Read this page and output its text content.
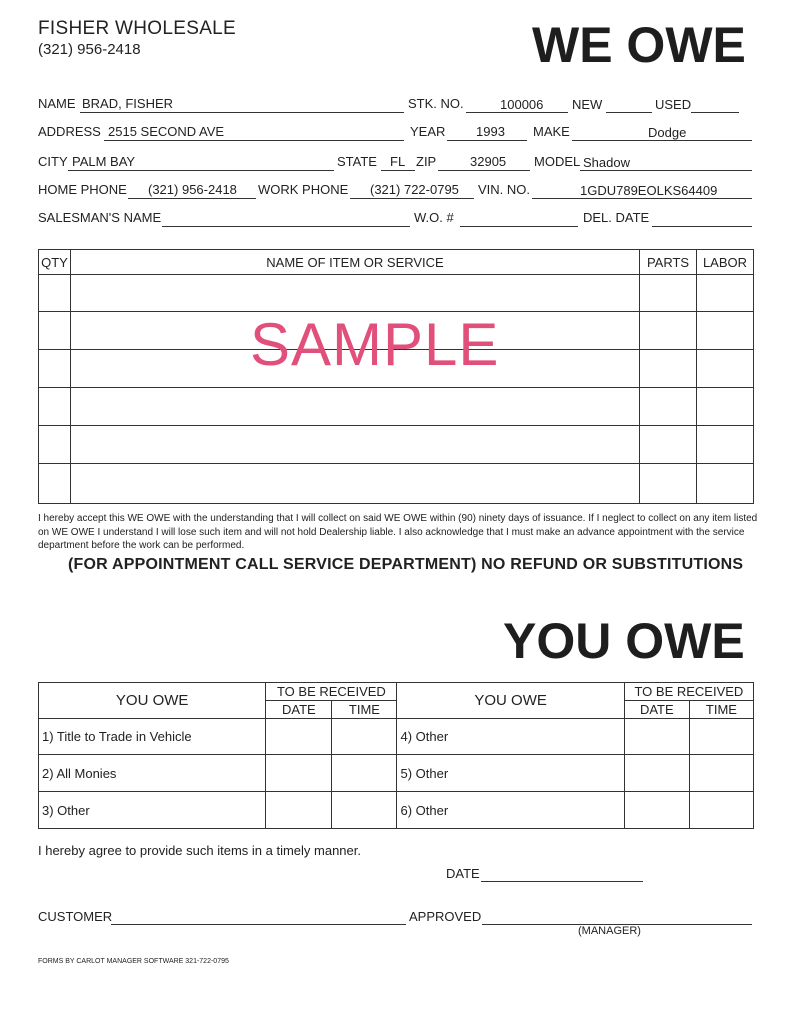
FISHER WHOLESALE
(321) 956-2418	WE OWE
NAME BRAD, FISHER	STK. NO.	100006 NEW	USED
ADDRESS 2515 SECOND AVE	YEAR 1993 MAKE	Dodge
CITY PALM BAY	STATE FL ZIP	32905 MODEL Shadow
HOME PHONE (321) 956-2418 WORK PHONE (321) 722-0795 VIN. NO.	1GDU789EOLKS64409
SALESMAN'S NAME	W.O. #	DEL. DATE
QTY	NAME OF ITEM OR SERVICE	PARTS	LABOR

SAMPLE
I hereby accept this WE OWE with the understanding that I will collect on said WE OWE within (90) ninety days of issuance. If I neglect to collect on any item listed on WE OWE I understand I will lose such item and will not hold Dealership liable. I also acknowledge that I must make an advance appointment with the service department before the work can be performed.
(FOR APPOINTMENT CALL SERVICE DEPARTMENT) NO REFUND OR SUBSTITUTIONS
YOU OWE
YOU OWE	TO BE RECEIVED		YOU OWE	TO BE RECEIVED	
	DATE	TIME		DATE	TIME
1) Title to Trade in Vehicle			4) Other		
2) All Monies			5) Other		
3) Other			6) Other		
I hereby agree to provide such items in a timely manner.
DATE
CUSTOMER	APPROVED
(MANAGER)
FORMS BY CARLOT MANAGER SOFTWARE 321-722-0795
